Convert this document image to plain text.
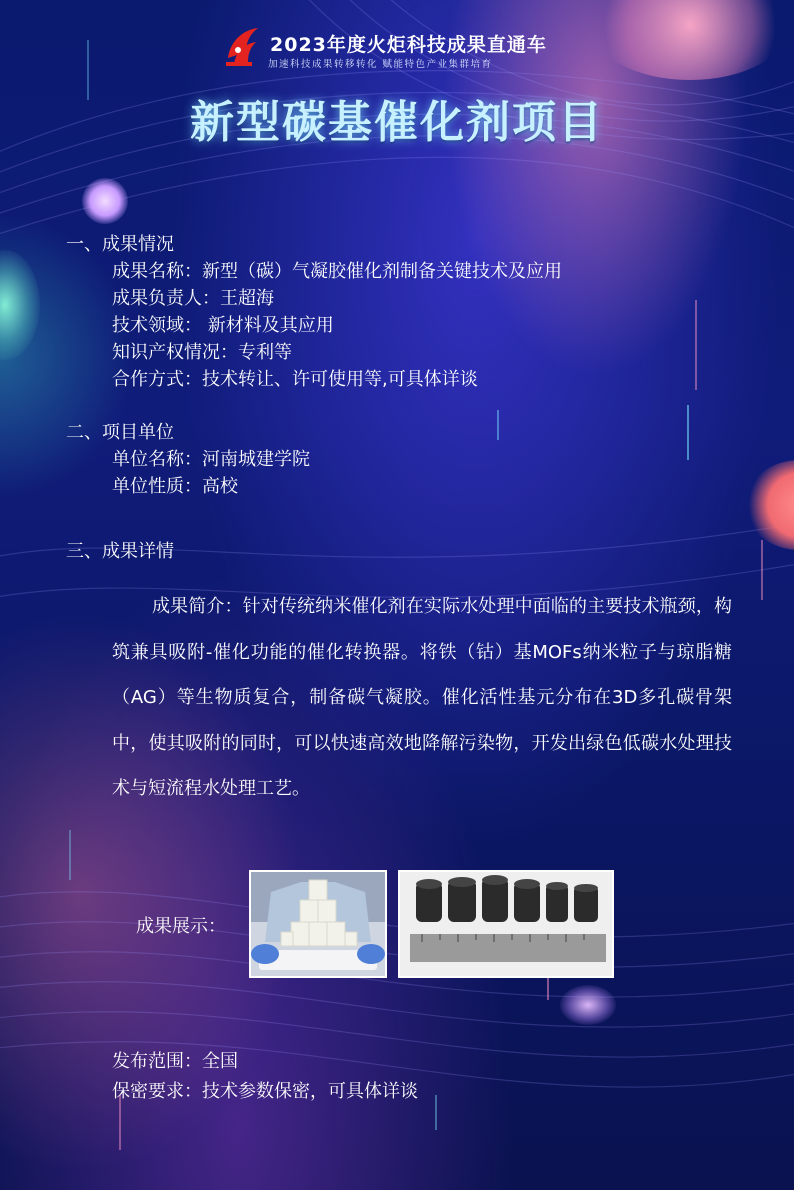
2023年度火炬科技成果直通车
加速科技成果转移转化 赋能特色产业集群培育
新型碳基催化剂项目
一、成果情况
成果名称：新型（碳）气凝胶催化剂制备关键技术及应用
成果负责人：王超海
技术领域： 新材料及其应用
知识产权情况：专利等
合作方式：技术转让、许可使用等,可具体详谈
二、项目单位
单位名称：河南城建学院
单位性质：高校
三、成果详情
成果简介：针对传统纳米催化剂在实际水处理中面临的主要技术瓶颈，构筑兼具吸附-催化功能的催化转换器。将铁（钴）基MOFs纳米粒子与琼脂糖（AG）等生物质复合，制备碳气凝胶。催化活性基元分布在3D多孔碳骨架中，使其吸附的同时，可以快速高效地降解污染物，开发出绿色低碳水处理技术与短流程水处理工艺。
成果展示：
发布范围：全国
保密要求：技术参数保密，可具体详谈
